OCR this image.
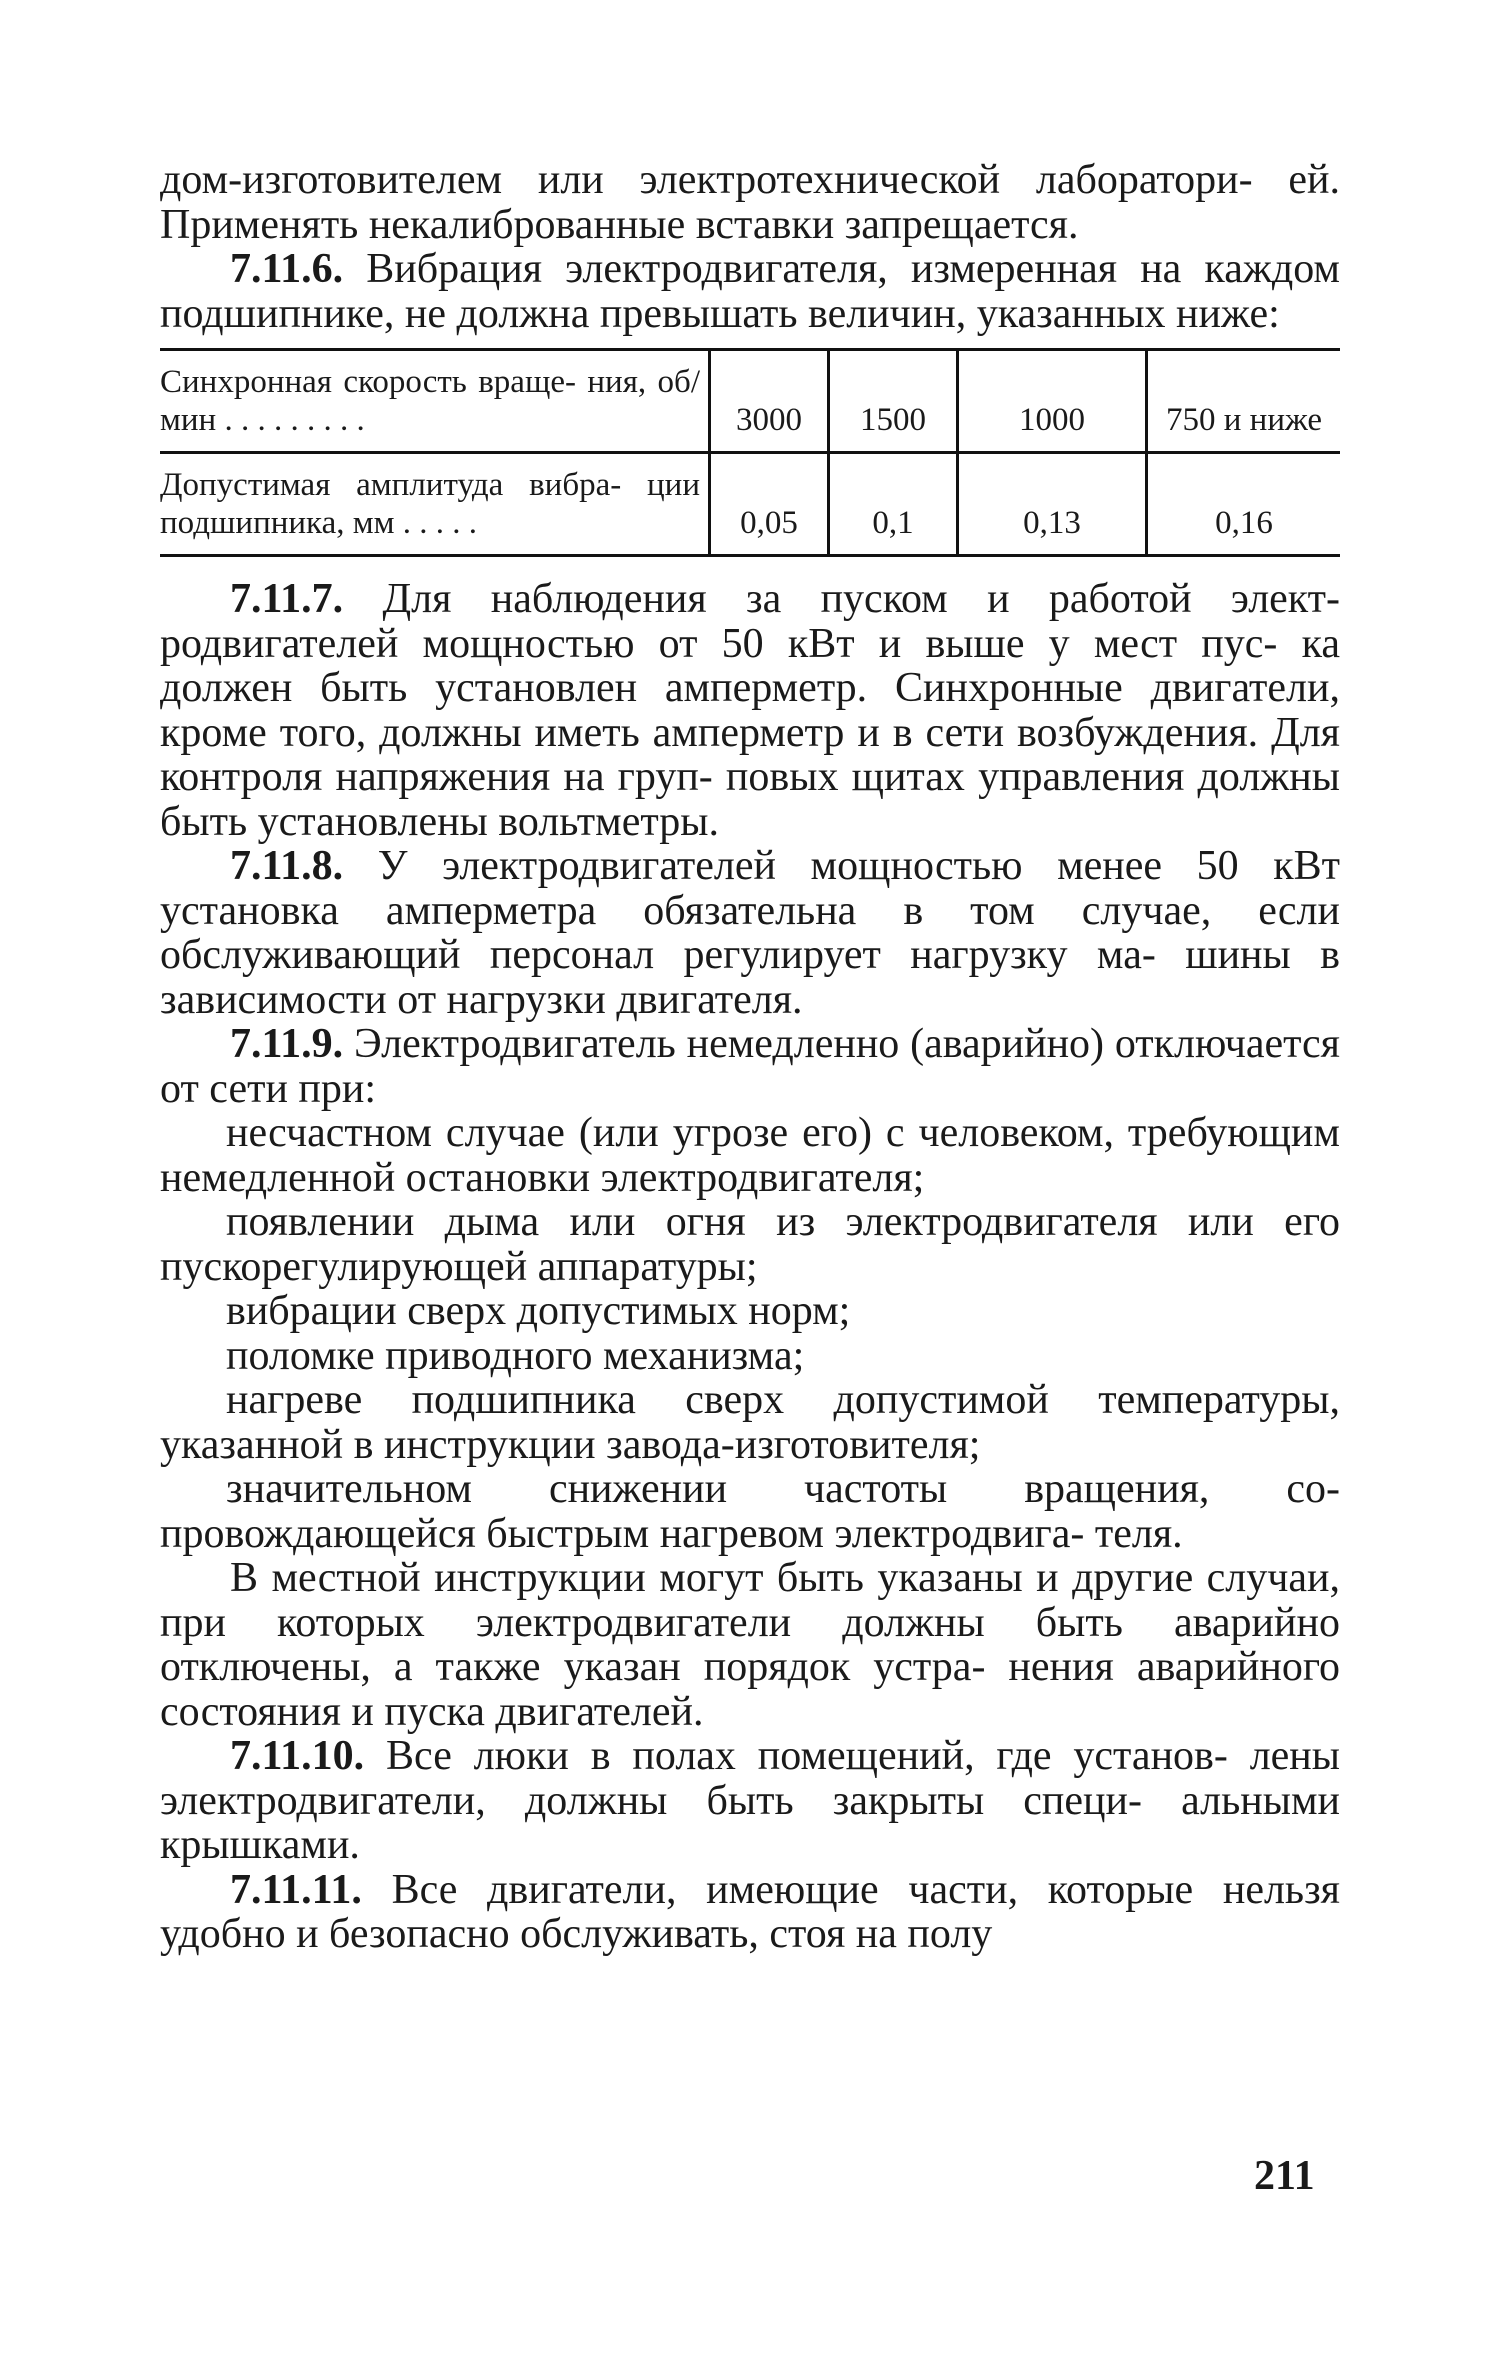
дом-изготовителем или электротехнической лаборатори- ей. Применять некалиброванные вставки запрещается.

7.11.6. Вибрация электродвигателя, измеренная на каждом подшипнике, не должна превышать величин, указанных ниже:

Синхронная скорость враще- ния, об/мин . . . . . . . . .	3000	1500	1000	750 и ниже
Допустимая амплитуда вибра- ции подшипника, мм . . . . .	0,05	0,1	0,13	0,16

7.11.7. Для наблюдения за пуском и работой элект- родвигателей мощностью от 50 кВт и выше у мест пус- ка должен быть установлен амперметр. Синхронные двигатели, кроме того, должны иметь амперметр и в сети возбуждения. Для контроля напряжения на груп- повых щитах управления должны быть установлены вольтметры.

7.11.8. У электродвигателей мощностью менее 50 кВт установка амперметра обязательна в том случае, если обслуживающий персонал регулирует нагрузку ма- шины в зависимости от нагрузки двигателя.

7.11.9. Электродвигатель немедленно (аварийно) отключается от сети при:

несчастном случае (или угрозе его) с человеком, требующим немедленной остановки электродвигателя;

появлении дыма или огня из электродвигателя или его пускорегулирующей аппаратуры;

вибрации сверх допустимых норм;

поломке приводного механизма;

нагреве подшипника сверх допустимой температуры, указанной в инструкции завода-изготовителя;

значительном снижении частоты вращения, со- провождающейся быстрым нагревом электродвига- теля.

В местной инструкции могут быть указаны и другие случаи, при которых электродвигатели должны быть аварийно отключены, а также указан порядок устра- нения аварийного состояния и пуска двигателей.

7.11.10. Все люки в полах помещений, где установ- лены электродвигатели, должны быть закрыты специ- альными крышками.

7.11.11. Все двигатели, имеющие части, которые нельзя удобно и безопасно обслуживать, стоя на полу

211
